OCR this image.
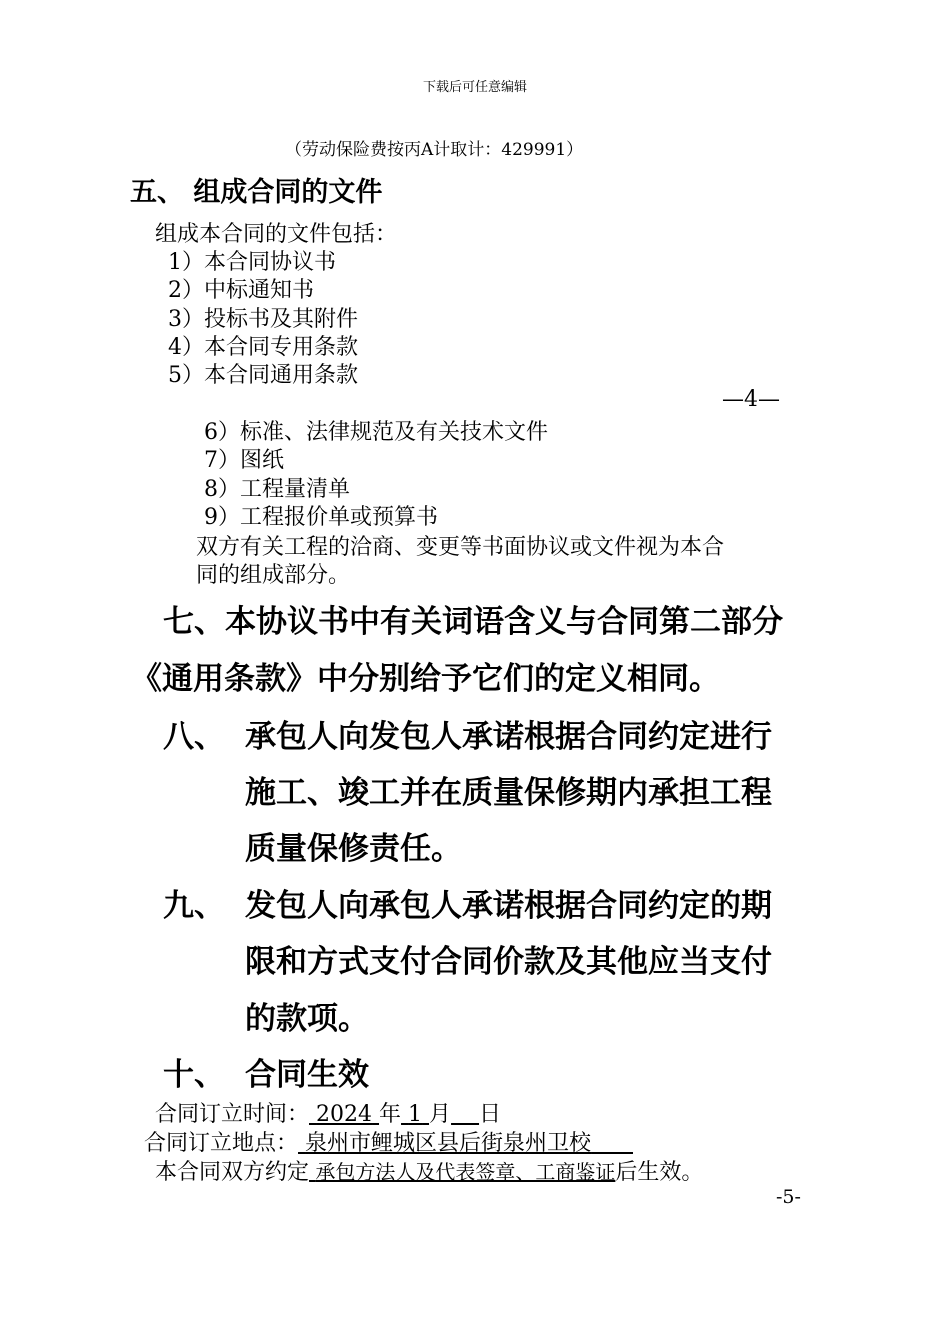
下载后可任意编辑
（劳动保险费按丙A计取计：429991）
五、 组成合同的文件
组成本合同的文件包括：
1）本合同协议书
2）中标通知书
3）投标书及其附件
4）本合同专用条款
5）本合同通用条款
—4—
6）标准、法律规范及有关技术文件
7）图纸
8）工程量清单
9）工程报价单或预算书
双方有关工程的洽商、变更等书面协议或文件视为本合
同的组成部分。
七、本协议书中有关词语含义与合同第二部分
《通用条款》中分别给予它们的定义相同。
八、 承包人向发包人承诺根据合同约定进行
施工、竣工并在质量保修期内承担工程
质量保修责任。
九、 发包人向承包人承诺根据合同约定的期
限和方式支付合同价款及其他应当支付
的款项。
十、 合同生效
合同订立时间： 2024 年 1 月 日
合同订立地点： 泉州市鲤城区县后街泉州卫校
本合同双方约定 承包方法人及代表签章、工商鉴证后生效。
-5-
